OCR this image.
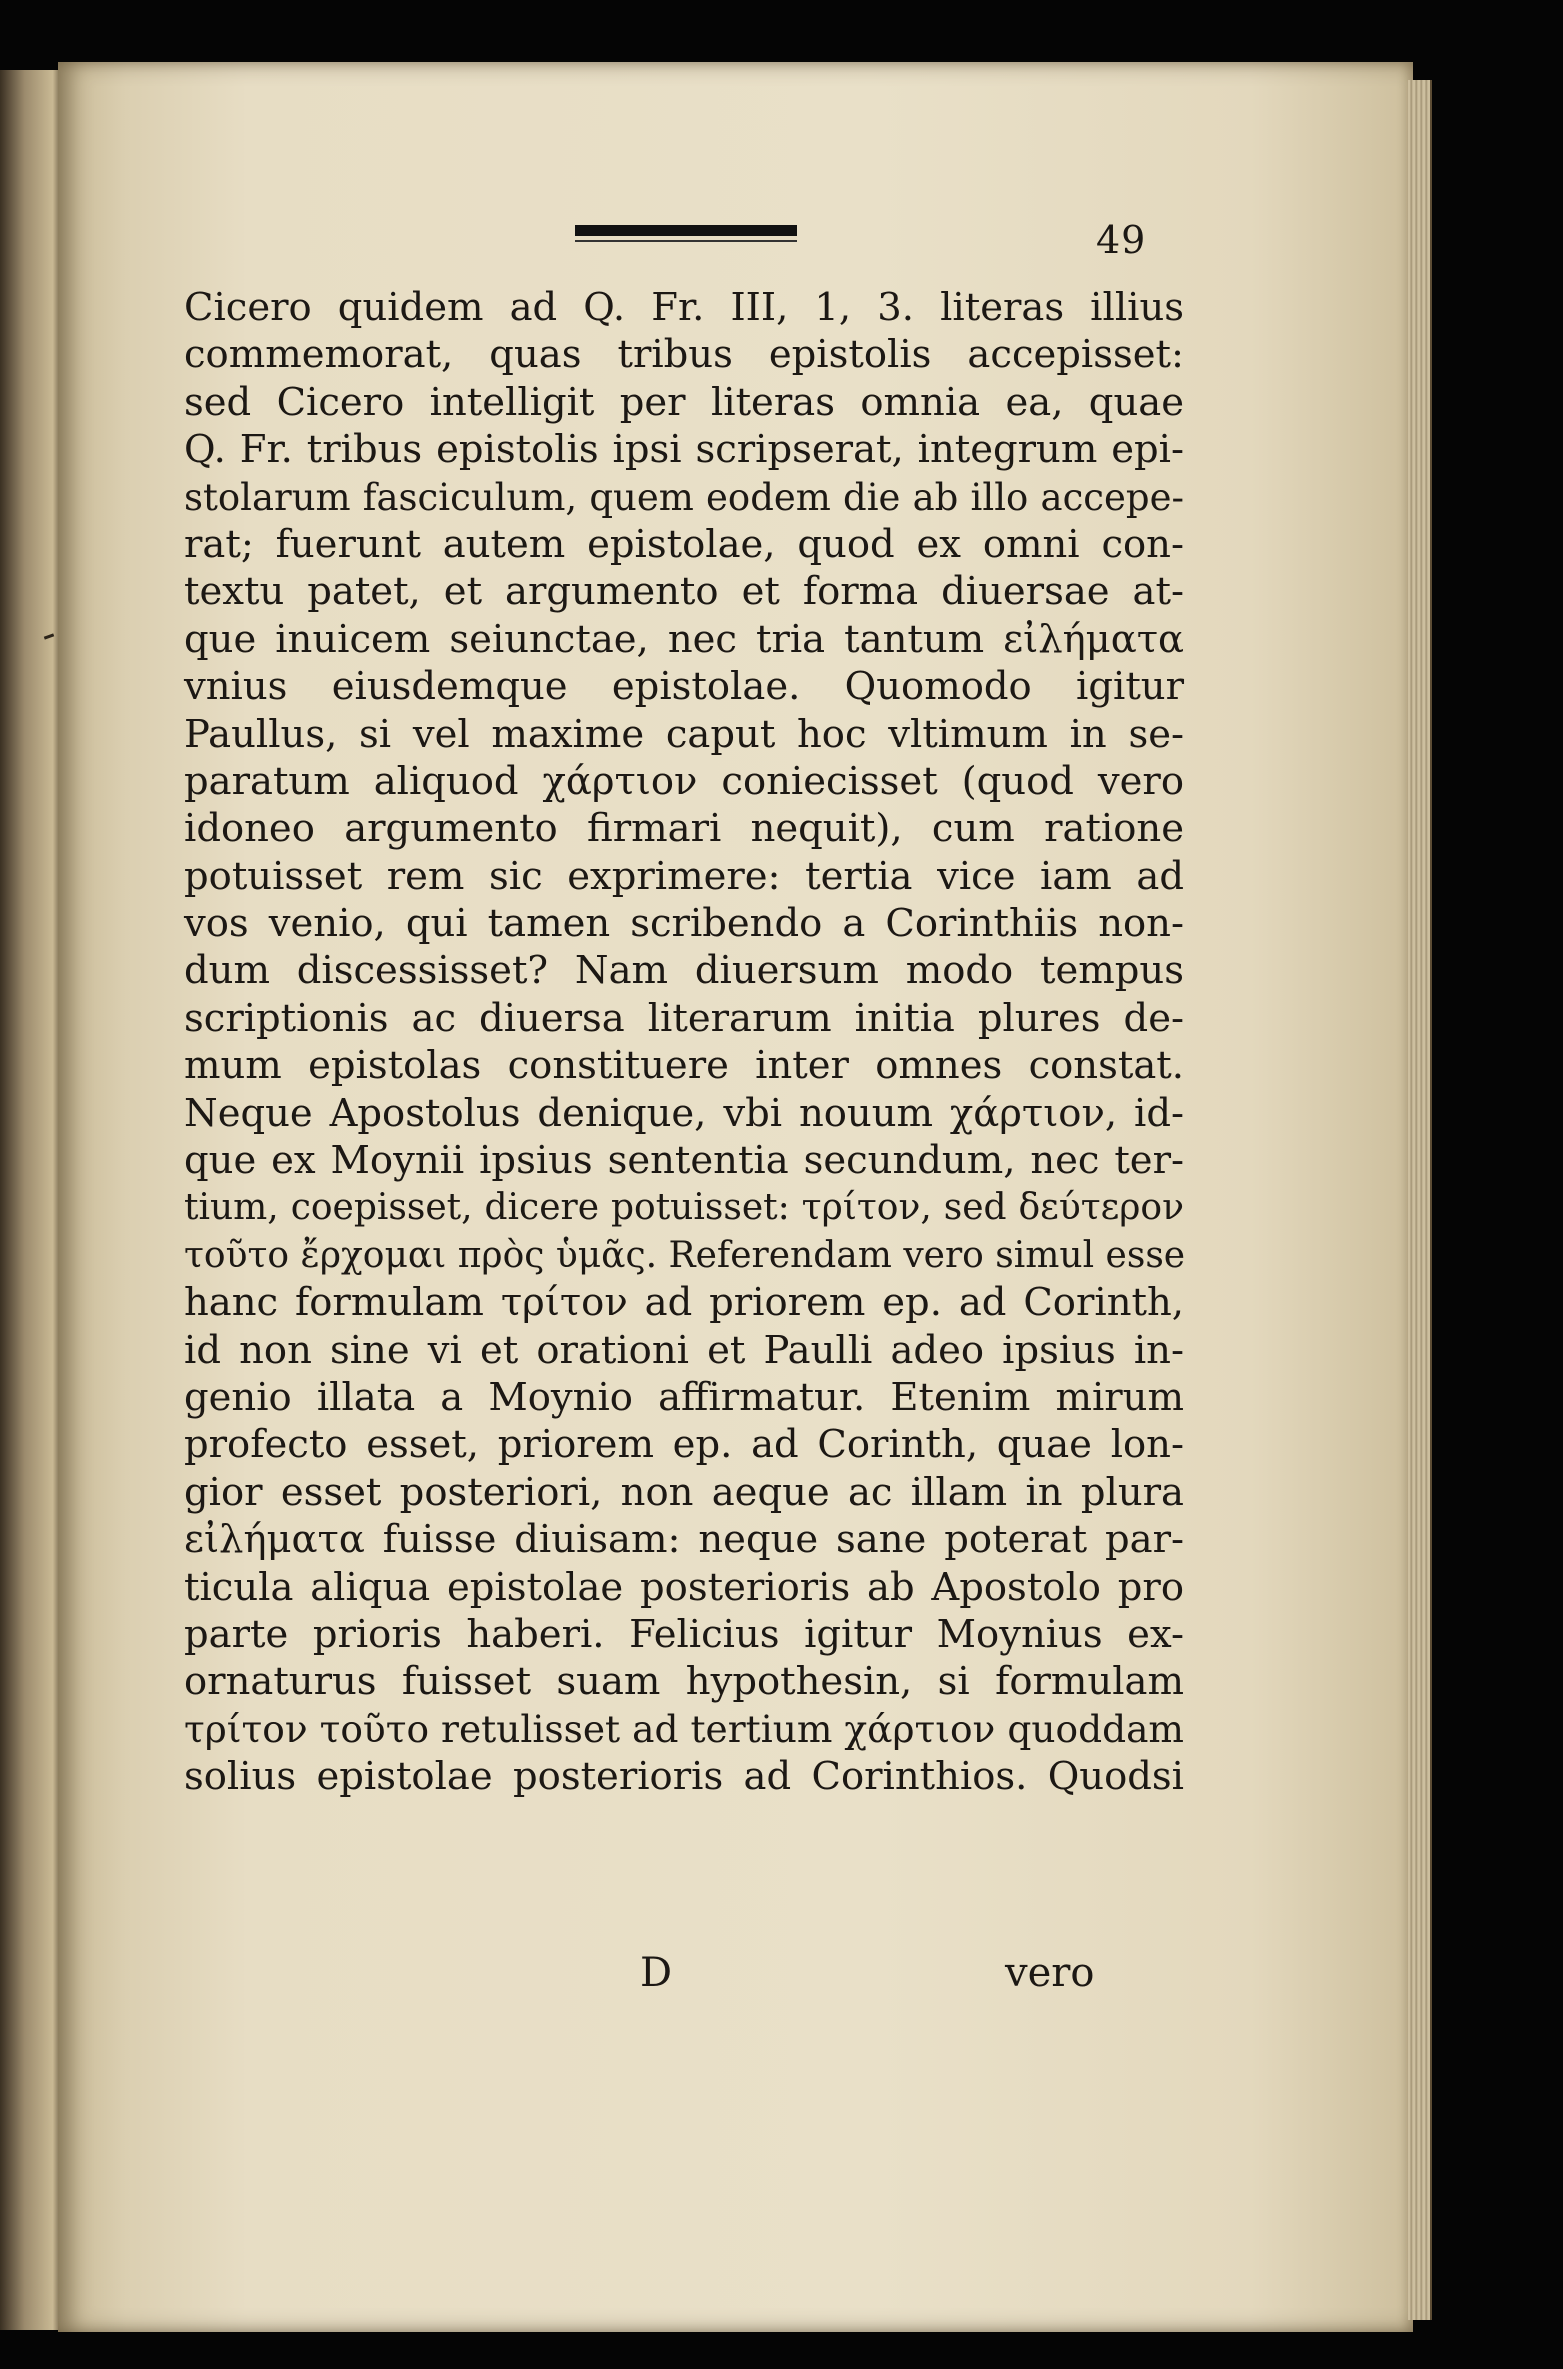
49
Cicero quidem ad Q. Fr. III, 1, 3. literas illius
commemorat, quas tribus epistolis accepisset:
sed Cicero intelligit per literas omnia ea, quae
Q. Fr. tribus epistolis ipsi scripserat, integrum epi-
stolarum fasciculum, quem eodem die ab illo accepe-
rat; fuerunt autem epistolae, quod ex omni con-
textu patet, et argumento et forma diuersae at-
que inuicem seiunctae, nec tria tantum εἰλήματα
vnius eiusdemque epistolae. Quomodo igitur
Paullus, si vel maxime caput hoc vltimum in se-
paratum aliquod χάρτιον coniecisset (quod vero
idoneo argumento firmari nequit), cum ratione
potuisset rem sic exprimere: tertia vice iam ad
vos venio, qui tamen scribendo a Corinthiis non-
dum discessisset? Nam diuersum modo tempus
scriptionis ac diuersa literarum initia plures de-
mum epistolas constituere inter omnes constat.
Neque Apostolus denique, vbi nouum χάρτιον, id-
que ex Moynii ipsius sententia secundum, nec ter-
tium, coepisset, dicere potuisset: τρίτον, sed δεύτερον
τοῦτο ἔρχομαι πρὸς ὑμᾶς. Referendam vero simul esse
hanc formulam τρίτον ad priorem ep. ad Corinth,
id non sine vi et orationi et Paulli adeo ipsius in-
genio illata a Moynio affirmatur. Etenim mirum
profecto esset, priorem ep. ad Corinth, quae lon-
gior esset posteriori, non aeque ac illam in plura
εἰλήματα fuisse diuisam: neque sane poterat par-
ticula aliqua epistolae posterioris ab Apostolo pro
parte prioris haberi. Felicius igitur Moynius ex-
ornaturus fuisset suam hypothesin, si formulam
τρίτον τοῦτο retulisset ad tertium χάρτιον quoddam
solius epistolae posterioris ad Corinthios. Quodsi
D	vero
